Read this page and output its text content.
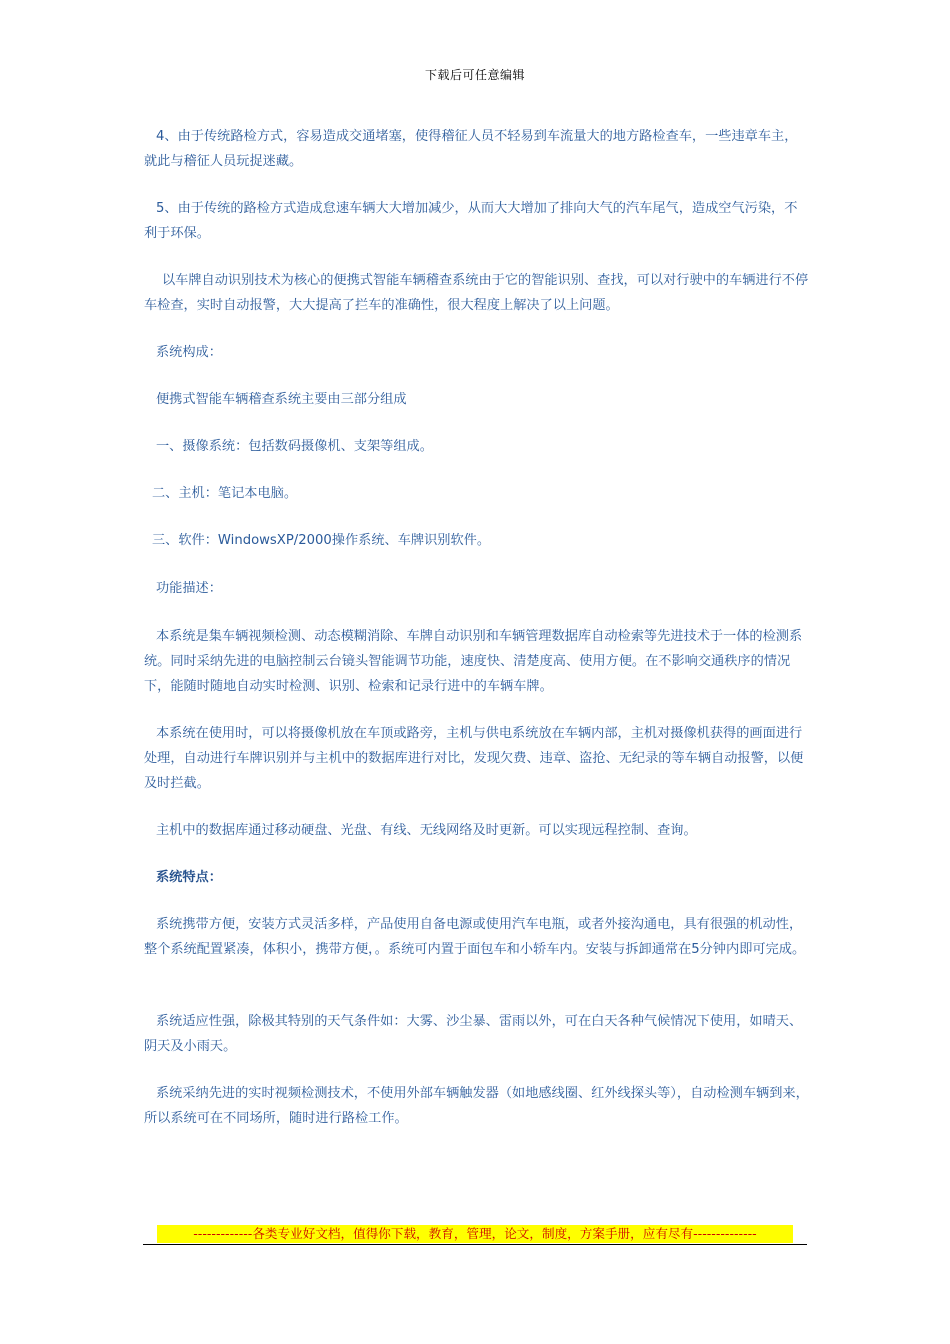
下载后可任意编辑

4、由于传统路检方式，容易造成交通堵塞，使得稽征人员不轻易到车流量大的地方路检查车，一些违章车主，就此与稽征人员玩捉迷藏。

5、由于传统的路检方式造成怠速车辆大大增加减少，从而大大增加了排向大气的汽车尾气，造成空气污染，不利于环保。

以车牌自动识别技术为核心的便携式智能车辆稽查系统由于它的智能识别、查找，可以对行驶中的车辆进行不停车检查，实时自动报警，大大提高了拦车的准确性，很大程度上解决了以上问题。

系统构成：

便携式智能车辆稽查系统主要由三部分组成

一、摄像系统：包括数码摄像机、支架等组成。

二、主机：笔记本电脑。

三、软件：WindowsXP/2000操作系统、车牌识别软件。

功能描述：

本系统是集车辆视频检测、动态模糊消除、车牌自动识别和车辆管理数据库自动检索等先进技术于一体的检测系统。同时采纳先进的电脑控制云台镜头智能调节功能，速度快、清楚度高、使用方便。在不影响交通秩序的情况下，能随时随地自动实时检测、识别、检索和记录行进中的车辆车牌。

本系统在使用时，可以将摄像机放在车顶或路旁，主机与供电系统放在车辆内部，主机对摄像机获得的画面进行处理，自动进行车牌识别并与主机中的数据库进行对比，发现欠费、违章、盗抢、无纪录的等车辆自动报警，以便及时拦截。

主机中的数据库通过移动硬盘、光盘、有线、无线网络及时更新。可以实现远程控制、查询。

系统特点：

系统携带方便，安装方式灵活多样，产品使用自备电源或使用汽车电瓶，或者外接沟通电，具有很强的机动性，整个系统配置紧凑，体积小，携带方便，。系统可内置于面包车和小轿车内。安装与拆卸通常在5分钟内即可完成。

系统适应性强，除极其特别的天气条件如：大雾、沙尘暴、雷雨以外，可在白天各种气候情况下使用，如晴天、阴天及小雨天。

系统采纳先进的实时视频检测技术，不使用外部车辆触发器（如地感线圈、红外线探头等），自动检测车辆到来，所以系统可在不同场所，随时进行路检工作。

-------------各类专业好文档，值得你下载，教育，管理，论文，制度，方案手册，应有尽有--------------
